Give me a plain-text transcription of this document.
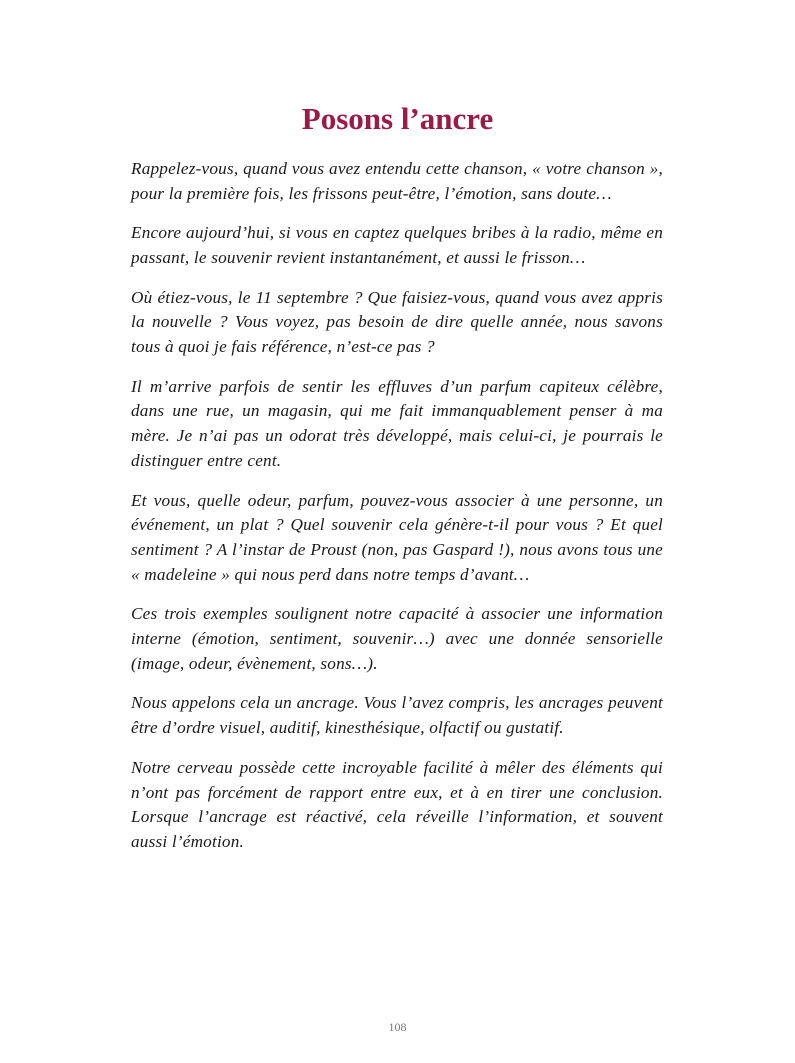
Posons l’ancre

Rappelez-vous, quand vous avez entendu cette chanson, « votre chanson », pour la première fois, les frissons peut-être, l’émotion, sans doute…

Encore aujourd’hui, si vous en captez quelques bribes à la radio, même en passant, le souvenir revient instantanément, et aussi le frisson…

Où étiez-vous, le 11 septembre ? Que faisiez-vous, quand vous avez appris la nouvelle ? Vous voyez, pas besoin de dire quelle année, nous savons tous à quoi je fais référence, n’est-ce pas ?

Il m’arrive parfois de sentir les effluves d’un parfum capiteux célèbre, dans une rue, un magasin, qui me fait immanquablement penser à ma mère. Je n’ai pas un odorat très développé, mais celui-ci, je pourrais le distinguer entre cent.

Et vous, quelle odeur, parfum, pouvez-vous associer à une personne, un événement, un plat ? Quel souvenir cela génère-t-il pour vous ? Et quel sentiment ? A l’instar de Proust (non, pas Gaspard !), nous avons tous une « madeleine » qui nous perd dans notre temps d’avant…

Ces trois exemples soulignent notre capacité à associer une information interne (émotion, sentiment, souvenir…) avec une donnée sensorielle (image, odeur, évènement, sons…).

Nous appelons cela un ancrage. Vous l’avez compris, les ancrages peuvent être d’ordre visuel, auditif, kinesthésique, olfactif ou gustatif.

Notre cerveau possède cette incroyable facilité à mêler des éléments qui n’ont pas forcément de rapport entre eux, et à en tirer une conclusion. Lorsque l’ancrage est réactivé, cela réveille l’information, et souvent aussi l’émotion.

108
